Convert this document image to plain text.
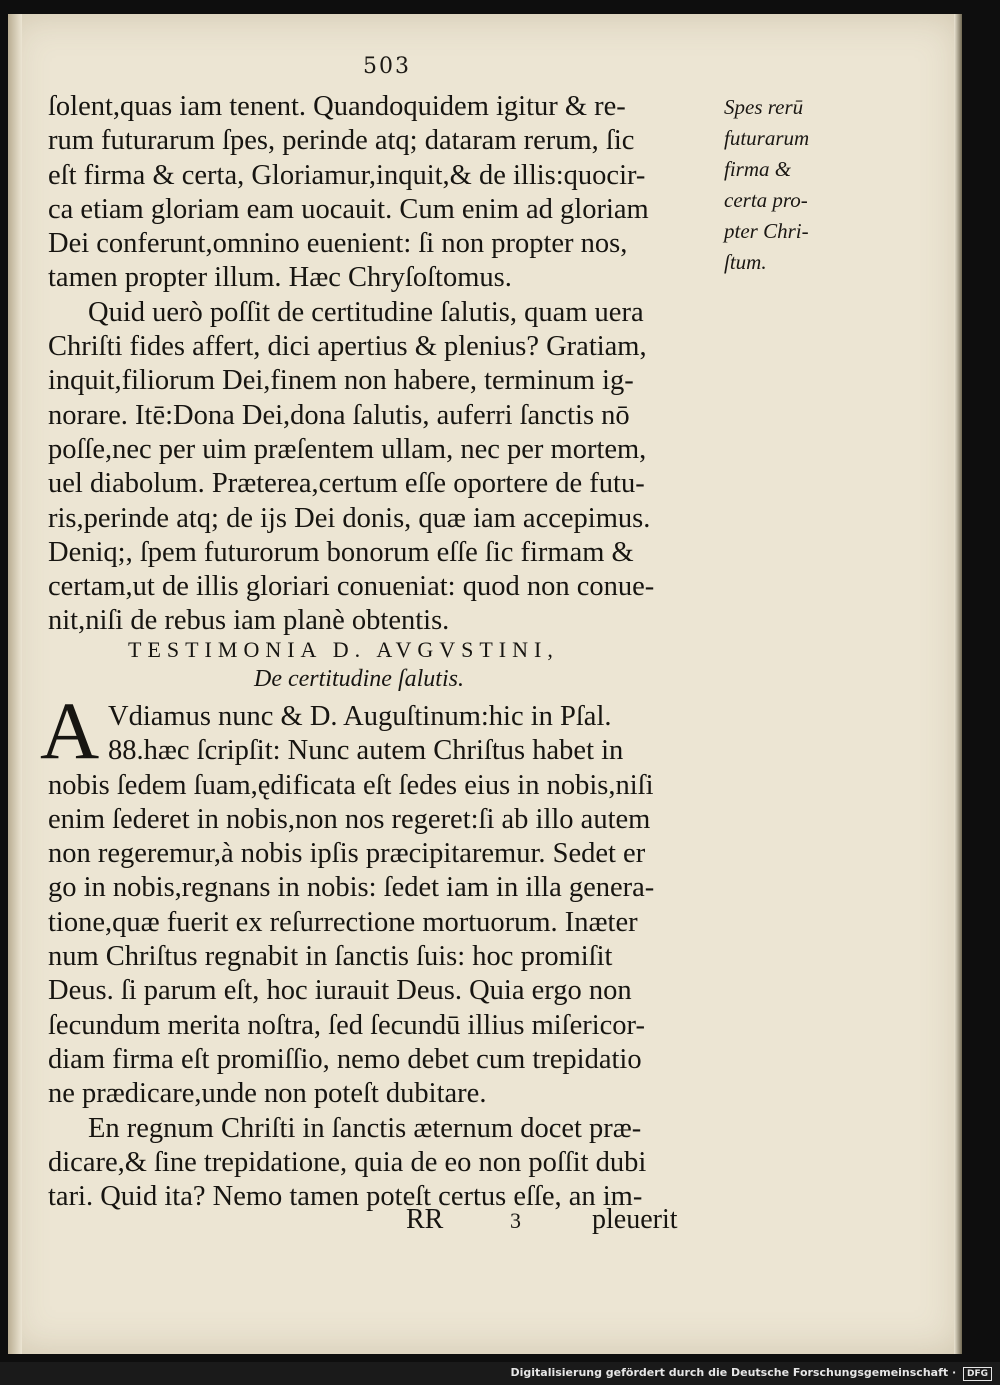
503
ſolent,quas iam tenent. Quandoquidem igitur & re-
rum futurarum ſpes, perinde atq; dataram rerum, ſic
eſt firma & certa, Gloriamur,inquit,& de illis:quocir-
ca etiam gloriam eam uocauit. Cum enim ad gloriam
Dei conferunt,omnino euenient: ſi non propter nos,
tamen propter illum. Hæc Chryſoſtomus.
Quid uerò poſſit de certitudine ſalutis, quam uera
Chriſti fides affert, dici apertius & plenius? Gratiam,
inquit,filiorum Dei,finem non habere, terminum ig-
norare. Itē:Dona Dei,dona ſalutis, auferri ſanctis nō
poſſe,nec per uim præſentem ullam, nec per mortem,
uel diabolum. Præterea,certum eſſe oportere de futu-
ris,perinde atq; de ijs Dei donis, quæ iam accepimus.
Deniq;, ſpem futurorum bonorum eſſe ſic firmam &
certam,ut de illis gloriari conueniat: quod non conue-
nit,niſi de rebus iam planè obtentis.
TESTIMONIA D. AVGVSTINI,
De certitudine ſalutis.
A Vdiamus nunc & D. Auguſtinum:hic in Pſal.
88.hæc ſcripſit: Nunc autem Chriſtus habet in
nobis ſedem ſuam,ędificata eſt ſedes eius in nobis,niſi
enim ſederet in nobis,non nos regeret:ſi ab illo autem
non regeremur,à nobis ipſis præcipitaremur. Sedet er
go in nobis,regnans in nobis: ſedet iam in illa genera-
tione,quæ fuerit ex reſurrectione mortuorum. Inæter
num Chriſtus regnabit in ſanctis ſuis: hoc promiſit
Deus. ſi parum eſt, hoc iurauit Deus. Quia ergo non
ſecundum merita noſtra, ſed ſecundū illius miſericor-
diam firma eſt promiſſio, nemo debet cum trepidatio
ne prædicare,unde non poteſt dubitare.
En regnum Chriſti in ſanctis æternum docet præ-
dicare,& ſine trepidatione, quia de eo non poſſit dubi
tari. Quid ita? Nemo tamen poteſt certus eſſe, an im-
Spes rerū
futurarum
firma &
certa pro-
pter Chri-
ſtum.
RR	3	pleuerit
Digitalisierung gefördert durch die Deutsche Forschungsgemeinschaft · DFG
